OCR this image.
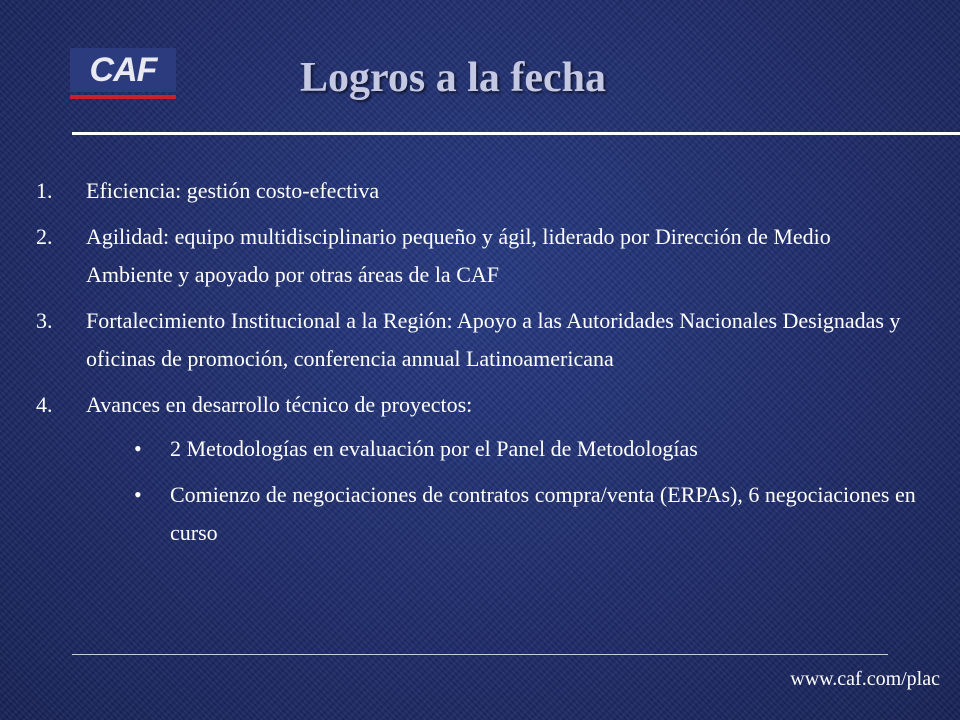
CAF	Logros a la fecha
1.	Eficiencia: gestión costo-efectiva
2.	Agilidad: equipo multidisciplinario pequeño y ágil, liderado por Dirección de Medio Ambiente y apoyado por otras áreas de la CAF
3.	Fortalecimiento Institucional a la Región: Apoyo a las Autoridades Nacionales Designadas y oficinas de promoción, conferencia annual Latinoamericana
4.	Avances en desarrollo técnico de proyectos:
•	2 Metodologías en evaluación por el Panel de Metodologías
•	Comienzo de negociaciones de contratos compra/venta (ERPAs), 6 negociaciones en curso
www.caf.com/plac
